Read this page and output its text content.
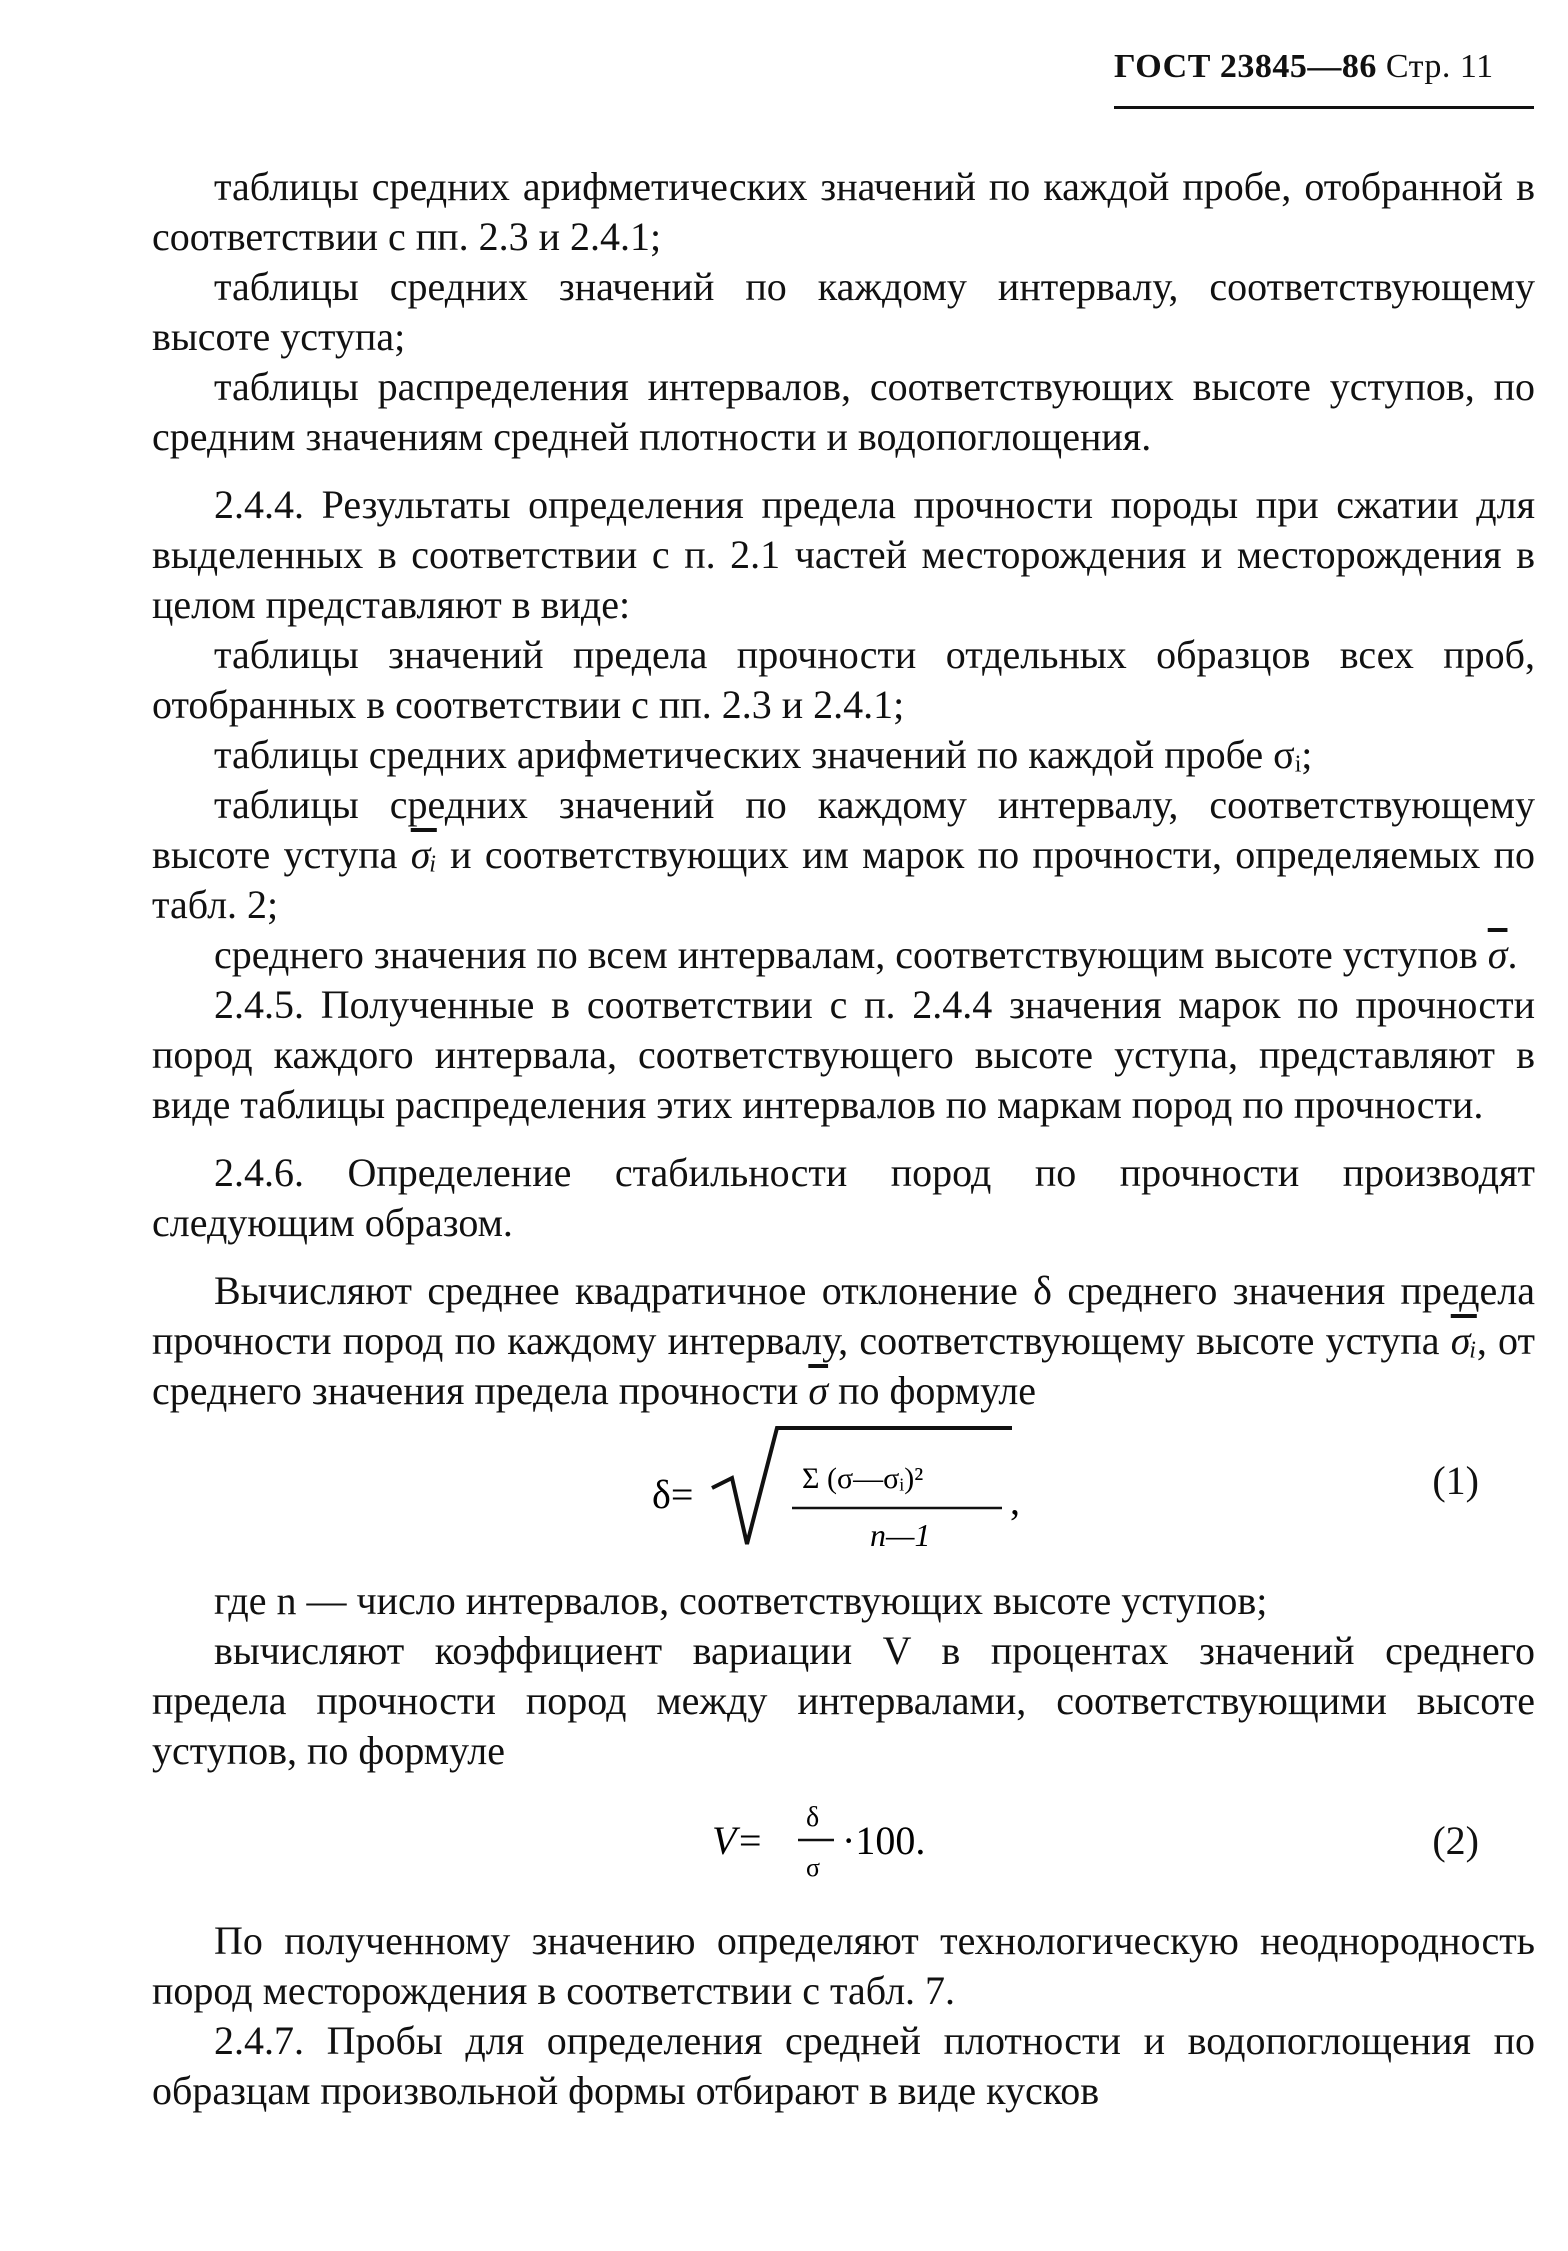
ГОСТ 23845—86 Стр. 11

таблицы средних арифметических значений по каждой пробе, отобранной в соответствии с пп. 2.3 и 2.4.1;

таблицы средних значений по каждому интервалу, соответствующему высоте уступа;

таблицы распределения интервалов, соответствующих высоте уступов, по средним значениям средней плотности и водопоглощения.

2.4.4. Результаты определения предела прочности породы при сжатии для выделенных в соответствии с п. 2.1 частей месторождения и месторождения в целом представляют в виде:

таблицы значений предела прочности отдельных образцов всех проб, отобранных в соответствии с пп. 2.3 и 2.4.1;

таблицы средних арифметических значений по каждой пробе σᵢ;

таблицы средних значений по каждому интервалу, соответствующему высоте уступа $\overline{\sigma ᵢ}$ и соответствующих им марок по прочности, определяемых по табл. 2;

среднего значения по всем интервалам, соответствующим высоте уступов $\overline{\sigma}$.

2.4.5. Полученные в соответствии с п. 2.4.4 значения марок по прочности пород каждого интервала, соответствующего высоте уступа, представляют в виде таблицы распределения этих интервалов по маркам пород по прочности.

2.4.6. Определение стабильности пород по прочности производят следующим образом.

Вычисляют среднее квадратичное отклонение δ среднего значения предела прочности пород по каждому интервалу, соответствующему высоте уступа $\overline{\sigma ᵢ}$, от среднего значения предела прочности $\overline{\sigma}$ по формуле

δ=	Σ (σ—σᵢ)²
n—1
,	(1)

где n — число интервалов, соответствующих высоте уступов;

вычисляют коэффициент вариации V в процентах значений среднего предела прочности пород между интервалами, соответствующими высоте уступов, по формуле

V=
δ
σ
·100.	(2)

По полученному значению определяют технологическую неоднородность пород месторождения в соответствии с табл. 7.

2.4.7. Пробы для определения средней плотности и водопоглощения по образцам произвольной формы отбирают в виде кусков
